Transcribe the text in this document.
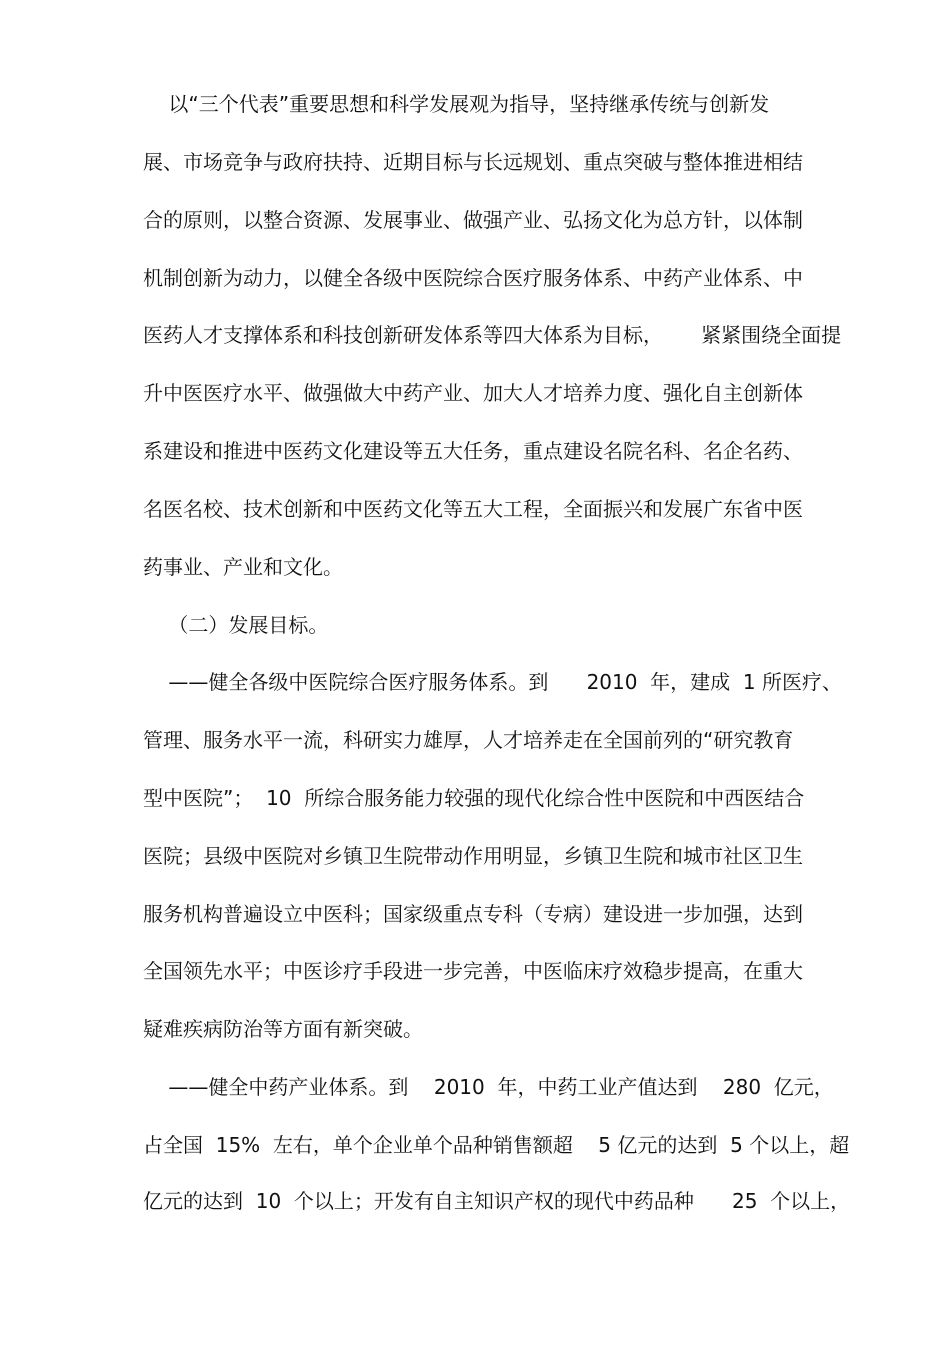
以“三个代表”重要思想和科学发展观为指导，坚持继承传统与创新发
展、市场竞争与政府扶持、近期目标与长远规划、重点突破与整体推进相结
合的原则，以整合资源、发展事业、做强产业、弘扬文化为总方针，以体制
机制创新为动力，以健全各级中医院综合医疗服务体系、中药产业体系、中
医药人才支撑体系和科技创新研发体系等四大体系为目标，      紧紧围绕全面提
升中医医疗水平、做强做大中药产业、加大人才培养力度、强化自主创新体
系建设和推进中医药文化建设等五大任务，重点建设名院名科、名企名药、
名医名校、技术创新和中医药文化等五大工程，全面振兴和发展广东省中医
药事业、产业和文化。
（二）发展目标。
——健全各级中医院综合医疗服务体系。到      2010  年，建成  1 所医疗、
管理、服务水平一流，科研实力雄厚，人才培养走在全国前列的“研究教育
型中医院”；  10  所综合服务能力较强的现代化综合性中医院和中西医结合
医院；县级中医院对乡镇卫生院带动作用明显，乡镇卫生院和城市社区卫生
服务机构普遍设立中医科；国家级重点专科（专病）建设进一步加强，达到
全国领先水平；中医诊疗手段进一步完善，中医临床疗效稳步提高，在重大
疑难疾病防治等方面有新突破。
——健全中药产业体系。到    2010  年，中药工业产值达到    280  亿元，
占全国  15%  左右，单个企业单个品种销售额超    5 亿元的达到  5 个以上，超
亿元的达到  10  个以上；开发有自主知识产权的现代中药品种      25  个以上，
